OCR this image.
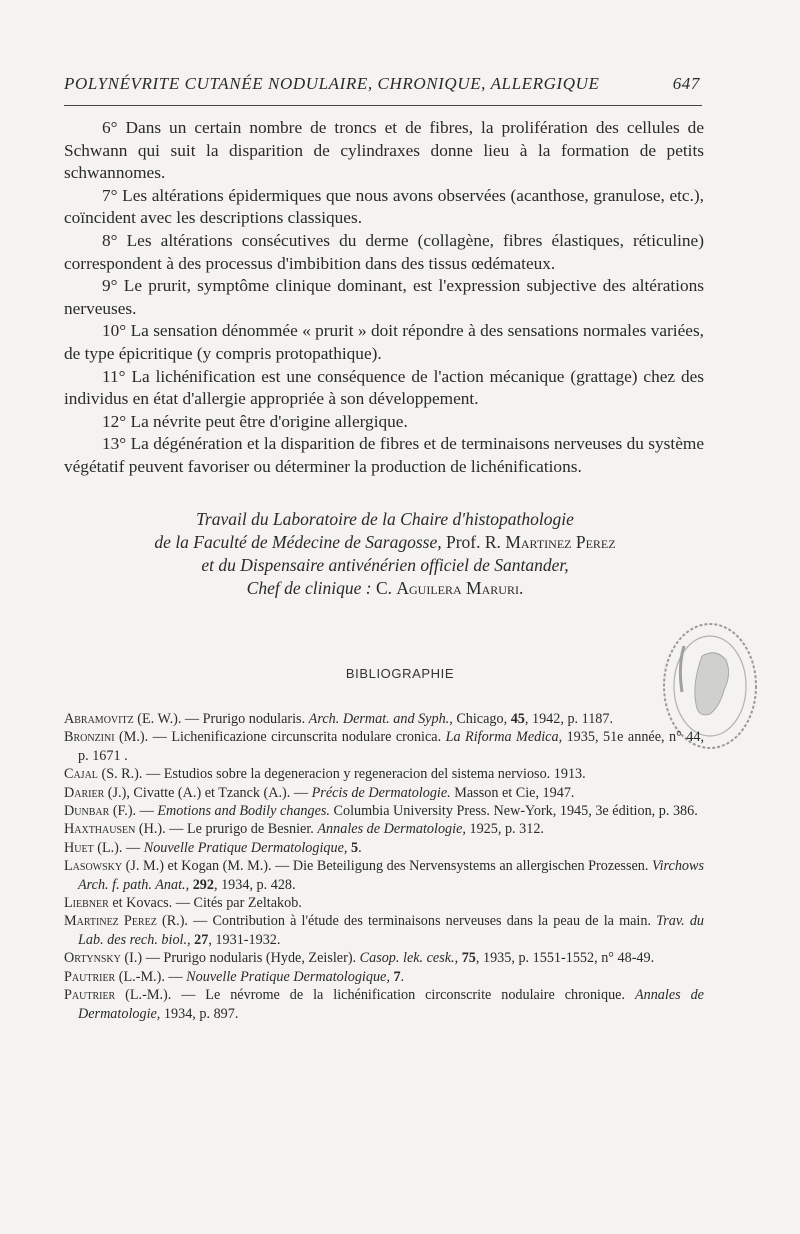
POLYNÉVRITE CUTANÉE NODULAIRE, CHRONIQUE, ALLERGIQUE	647

6° Dans un certain nombre de troncs et de fibres, la prolifération des cellules de Schwann qui suit la disparition de cylindraxes donne lieu à la formation de petits schwannomes.

7° Les altérations épidermiques que nous avons observées (acanthose, granulose, etc.), coïncident avec les descriptions classiques.

8° Les altérations consécutives du derme (collagène, fibres élastiques, réticuline) correspondent à des processus d'imbibition dans des tissus œdémateux.

9° Le prurit, symptôme clinique dominant, est l'expression subjective des altérations nerveuses.

10° La sensation dénommée « prurit » doit répondre à des sensations normales variées, de type épicritique (y compris protopathique).

11° La lichénification est une conséquence de l'action mécanique (grattage) chez des individus en état d'allergie appropriée à son développement.

12° La névrite peut être d'origine allergique.

13° La dégénération et la disparition de fibres et de terminaisons nerveuses du système végétatif peuvent favoriser ou déterminer la production de lichénifications.

Travail du Laboratoire de la Chaire d'histopathologie
de la Faculté de Médecine de Saragosse, Prof. R. Martinez Perez
et du Dispensaire antivénérien officiel de Santander,
Chef de clinique : C. Aguilera Maruri.
BIBLIOGRAPHIE

Abramovitz (E. W.). — Prurigo nodularis. Arch. Dermat. and Syph., Chicago, 45, 1942, p. 1187.

Bronzini (M.). — Lichenificazione circunscrita nodulare cronica. La Riforma Medica, 1935, 51e année, n° 44, p. 1671 .

Cajal (S. R.). — Estudios sobre la degeneracion y regeneracion del sistema nervioso. 1913.

Darier (J.), Civatte (A.) et Tzanck (A.). — Précis de Dermatologie. Masson et Cie, 1947.

Dunbar (F.). — Emotions and Bodily changes. Columbia University Press. New-York, 1945, 3e édition, p. 386.

Haxthausen (H.). — Le prurigo de Besnier. Annales de Dermatologie, 1925, p. 312.

Huet (L.). — Nouvelle Pratique Dermatologique, 5.

Lasowsky (J. M.) et Kogan (M. M.). — Die Beteiligung des Nervensystems an allergischen Prozessen. Virchows Arch. f. path. Anat., 292, 1934, p. 428.

Liebner et Kovacs. — Cités par Zeltakob.

Martinez Perez (R.). — Contribution à l'étude des terminaisons nerveuses dans la peau de la main. Trav. du Lab. des rech. biol., 27, 1931-1932.

Ortynsky (I.) — Prurigo nodularis (Hyde, Zeisler). Casop. lek. cesk., 75, 1935, p. 1551-1552, n° 48-49.

Pautrier (L.-M.). — Nouvelle Pratique Dermatologique, 7.

Pautrier (L.-M.). — Le névrome de la lichénification circonscrite nodulaire chronique. Annales de Dermatologie, 1934, p. 897.
